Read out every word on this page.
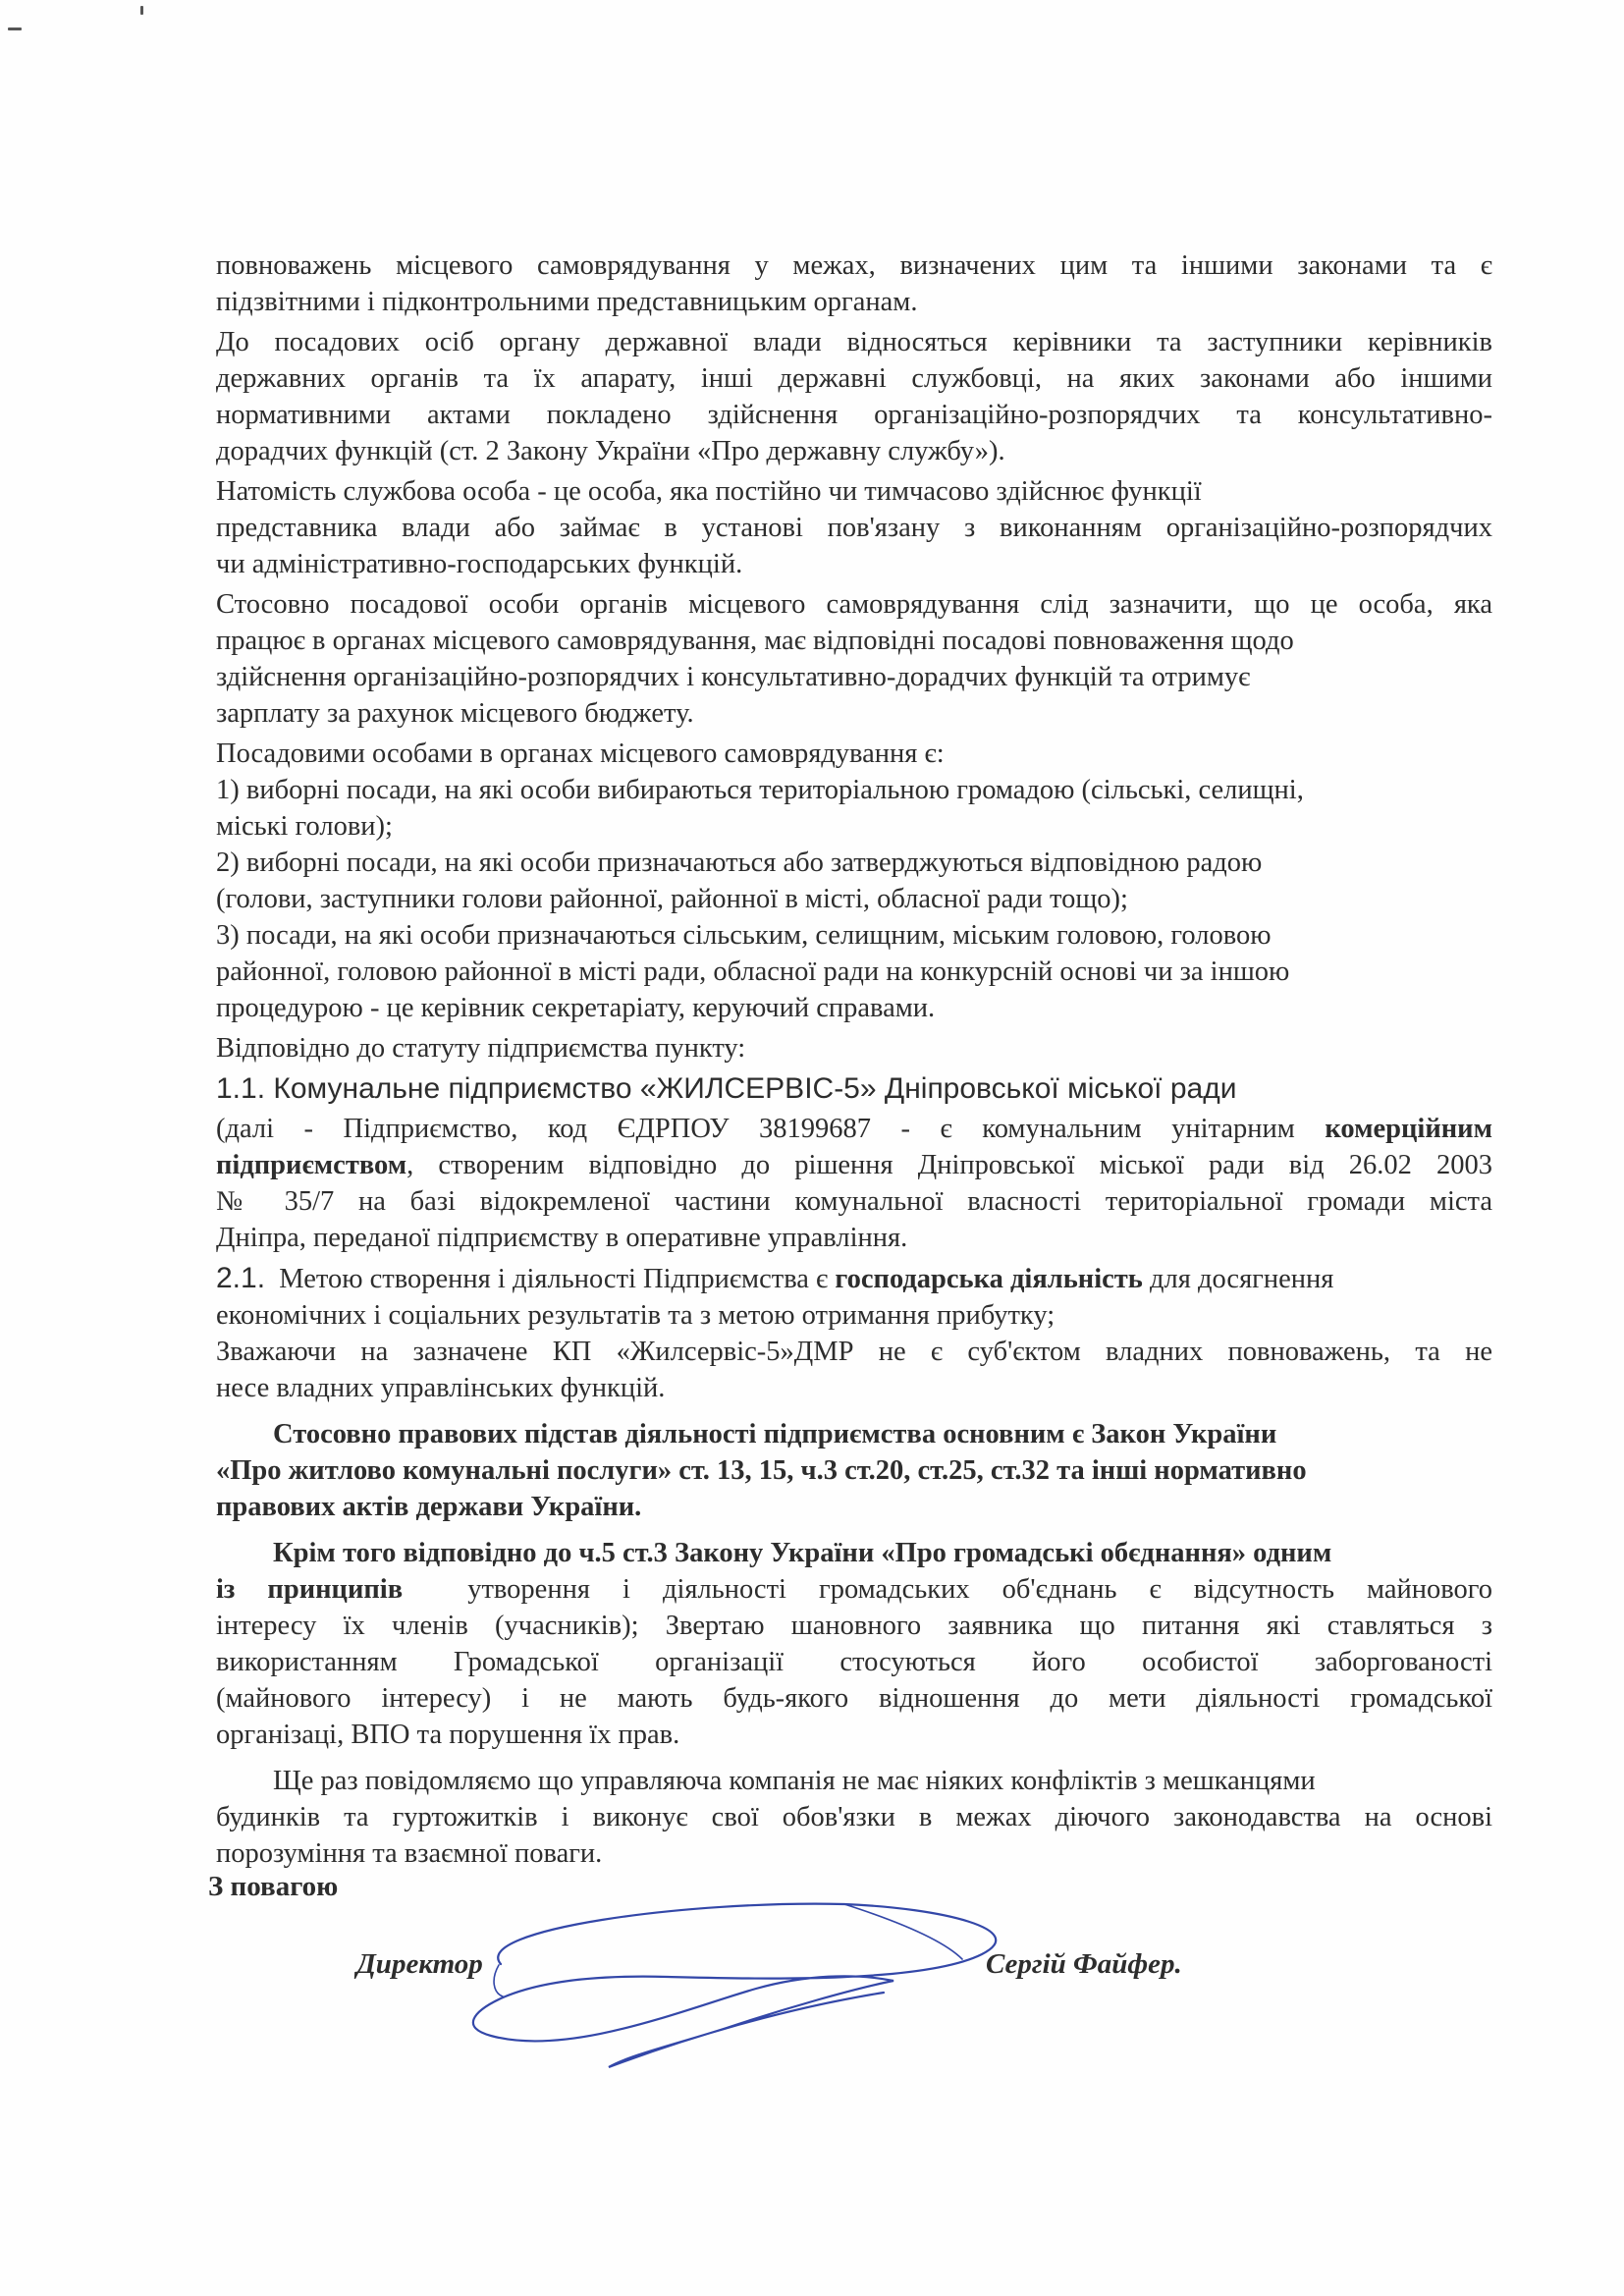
повноважень місцевого самоврядування у межах, визначених цим та іншими законами та є
підзвітними і підконтрольними представницьким органам.
До посадових осіб органу державної влади відносяться керівники та заступники керівників
державних органів та їх апарату, інші державні службовці, на яких законами або іншими
нормативними актами покладено здійснення організаційно-розпорядчих та консультативно-
дорадчих функцій (ст. 2 Закону України «Про державну службу»).
Натомість службова особа - це особа, яка постійно чи тимчасово здійснює функції
представника влади або займає в установі пов'язану з виконанням організаційно-розпорядчих
чи адміністративно-господарських функцій.
Стосовно посадової особи органів місцевого самоврядування слід зазначити, що це особа, яка
працює в органах місцевого самоврядування, має відповідні посадові повноваження щодо
здійснення організаційно-розпорядчих і консультативно-дорадчих функцій та отримує
зарплату за рахунок місцевого бюджету.
Посадовими особами в органах місцевого самоврядування є:
1) виборні посади, на які особи вибираються територіальною громадою (сільські, селищні,
міські голови);
2) виборні посади, на які особи призначаються або затверджуються відповідною радою
(голови, заступники голови районної, районної в місті, обласної ради тощо);
3) посади, на які особи призначаються сільським, селищним, міським головою, головою
районної, головою районної в місті ради, обласної ради на конкурсній основі чи за іншою
процедурою - це керівник секретаріату, керуючий справами.
Відповідно до статуту підприємства пункту:
1.1. Комунальне підприємство «ЖИЛСЕРВІС-5» Дніпровської міської ради
(далі - Підприємство, код ЄДРПОУ 38199687 - є комунальним унітарним комерційним
підприємством, створеним відповідно до рішення Дніпровської міської ради від 26.02 2003
№ 35/7 на базі відокремленої частини комунальної власності територіальної громади міста
Дніпра, переданої підприємству в оперативне управління.
2.1. Метою створення і діяльності Підприємства є господарська діяльність для досягнення
економічних і соціальних результатів та з метою отримання прибутку;
Зважаючи на зазначене КП «Жилсервіс-5»ДМР не є суб'єктом владних повноважень, та не
несе владних управлінських функцій.
Стосовно правових підстав діяльності підприємства основним є Закон України
«Про житлово комунальні послуги» ст. 13, 15, ч.3 ст.20, ст.25, ст.32 та інші нормативно
правових актів держави України.
Крім того відповідно до ч.5 ст.3 Закону України «Про громадські обєднання» одним
із принципів утворення і діяльності громадських об'єднань є відсутность майнового
інтересу їх членів (учасників); Звертаю шановного заявника що питання які ставляться з
використанням Громадської організації стосуються його особистої заборгованості
(майнового інтересу) і не мають будь-якого відношення до мети діяльності громадської
організаці, ВПО та порушення їх прав.
Ще раз повідомляємо що управляюча компанія не має ніяких конфліктів з мешканцями
будинків та гуртожитків і виконує свої обов'язки в межах діючого законодавства на основі
порозуміння та взаємної поваги.
З повагою
Директор	Сергій Файфер.
